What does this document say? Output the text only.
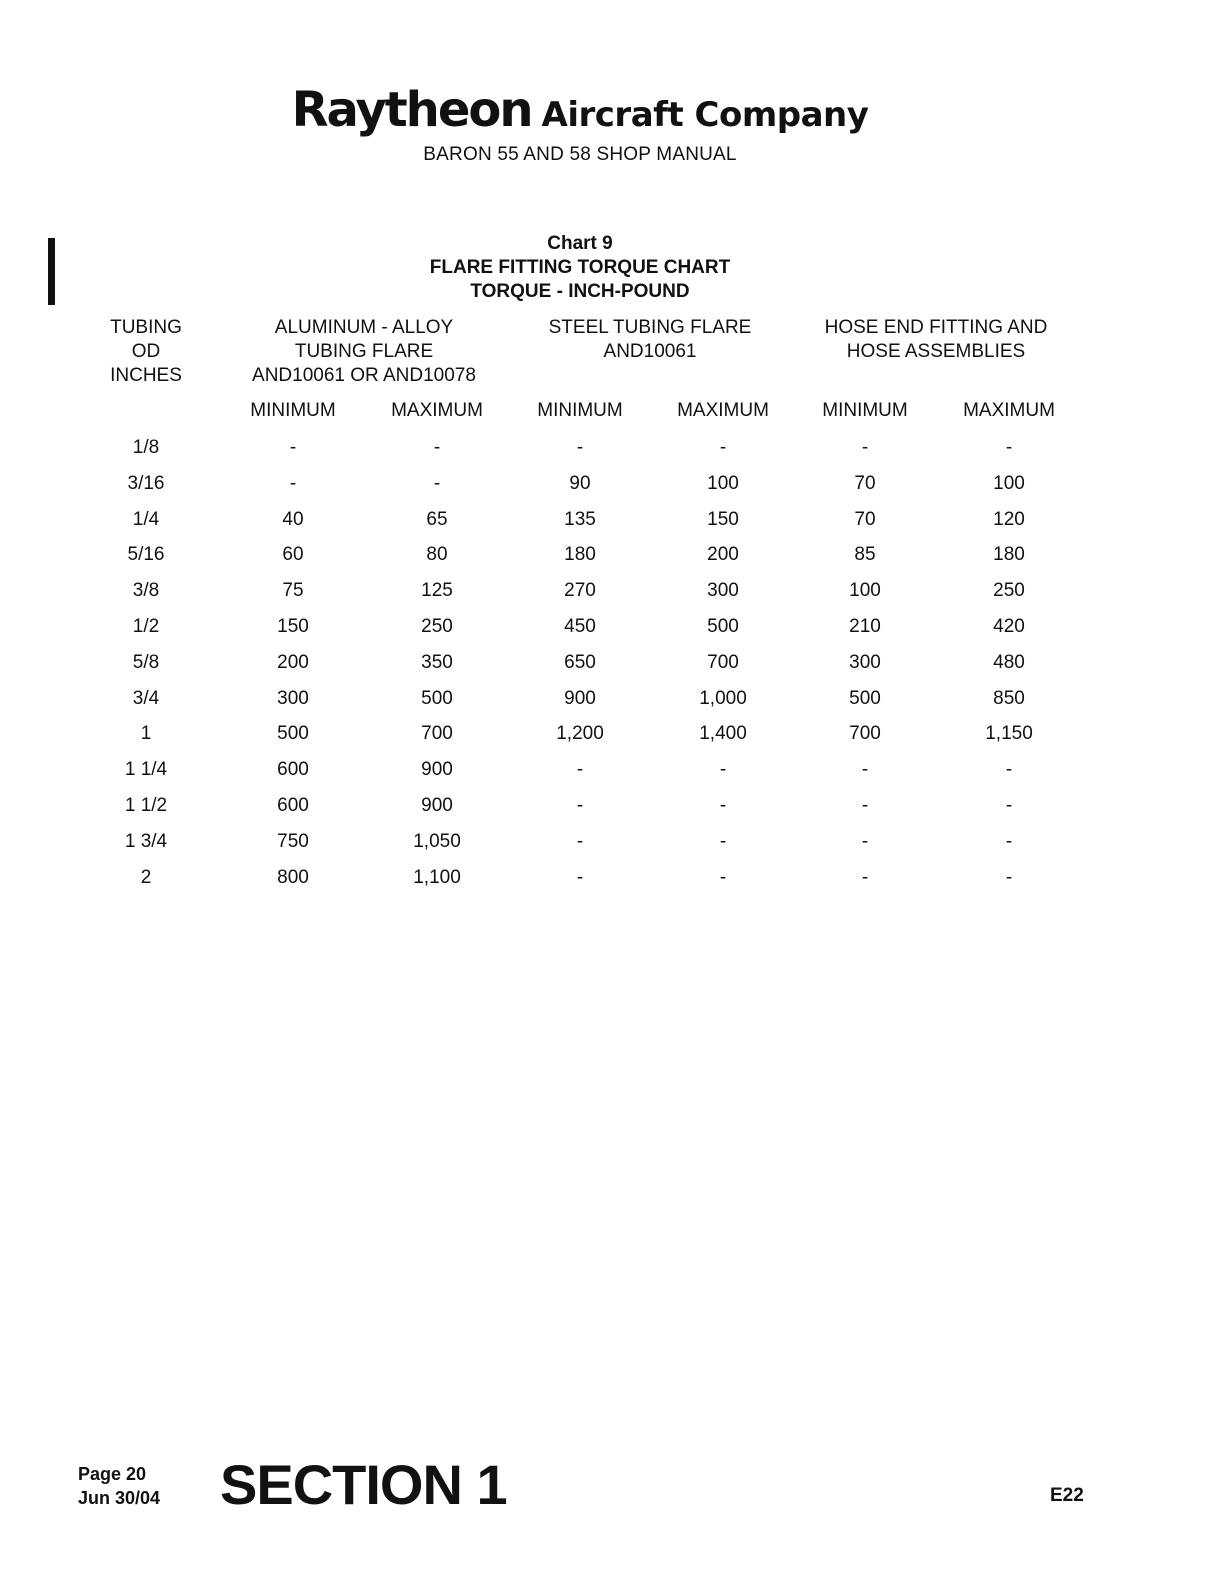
Raytheon Aircraft Company
BARON 55 AND 58 SHOP MANUAL
Chart 9
FLARE FITTING TORQUE CHART
TORQUE - INCH-POUND
TUBING
OD
INCHES
ALUMINUM - ALLOY
TUBING FLARE
AND10061 OR AND10078
STEEL TUBING FLARE
AND10061
HOSE END FITTING AND
HOSE ASSEMBLIES
MINIMUM	MAXIMUM	MINIMUM	MAXIMUM	MINIMUM	MAXIMUM
1/8	-	-	-	-	-	-
3/16	-	-	90	100	70	100
1/4	40	65	135	150	70	120
5/16	60	80	180	200	85	180
3/8	75	125	270	300	100	250
1/2	150	250	450	500	210	420
5/8	200	350	650	700	300	480
3/4	300	500	900	1,000	500	850
1	500	700	1,200	1,400	700	1,150
1 1/4	600	900	-	-	-	-
1 1/2	600	900	-	-	-	-
1 3/4	750	1,050	-	-	-	-
2	800	1,100	-	-	-	-
Page 20
Jun 30/04 SECTION 1	E22
